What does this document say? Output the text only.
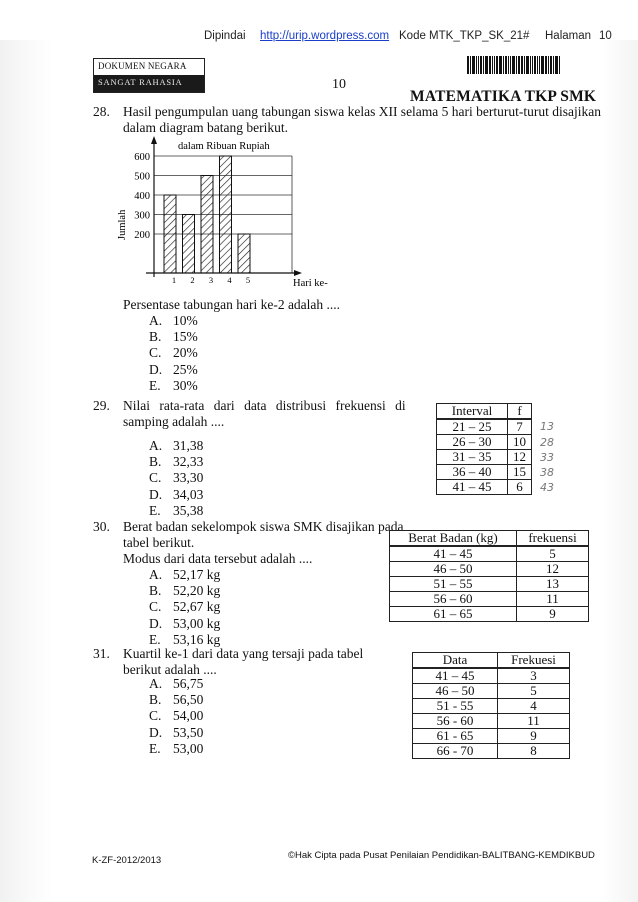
Dipindai http://urip.wordpress.com Kode MTK_TKP_SK_21# Halaman 10
DOKUMEN NEGARA
SANGAT RAHASIA	10
MATEMATIKA TKP SMK
28. Hasil pengumpulan uang tabungan siswa kelas XII selama 5 hari berturut-turut disajikan
dalam diagram batang berikut.
600
500
400
300
200
1 2 3 4 5
dalam Ribuan Rupiah
Hari ke-
Jumlah
Persentase tabungan hari ke-2 adalah ....
A. 10%
B. 15%
C. 20%
D. 25%
E. 30%
29. Nilai rata-rata dari data distribusi frekuensi di
samping adalah ....
A. 31,38
B. 32,33
C. 33,30
D. 34,03
E. 35,38
Interval	f
21 – 25	7
26 – 30	10
31 – 35	12
36 – 40	15
41 – 45	6
13
28
33
38
43
30. Berat badan sekelompok siswa SMK disajikan pada
tabel berikut.
Modus dari data tersebut adalah ....
A. 52,17 kg
B. 52,20 kg
C. 52,67 kg
D. 53,00 kg
E. 53,16 kg
Berat Badan (kg)	frekuensi
41 – 45	5
46 – 50	12
51 – 55	13
56 – 60	11
61 – 65	9
31. Kuartil ke-1 dari data yang tersaji pada tabel
berikut adalah ....
A. 56,75
B. 56,50
C. 54,00
D. 53,50
E. 53,00
Data	Frekuesi
41 – 45	3
46 – 50	5
51 - 55	4
56 - 60	11
61 - 65	9
66 - 70	8
K-ZF-2012/2013	©Hak Cipta pada Pusat Penilaian Pendidikan-BALITBANG-KEMDIKBUD
